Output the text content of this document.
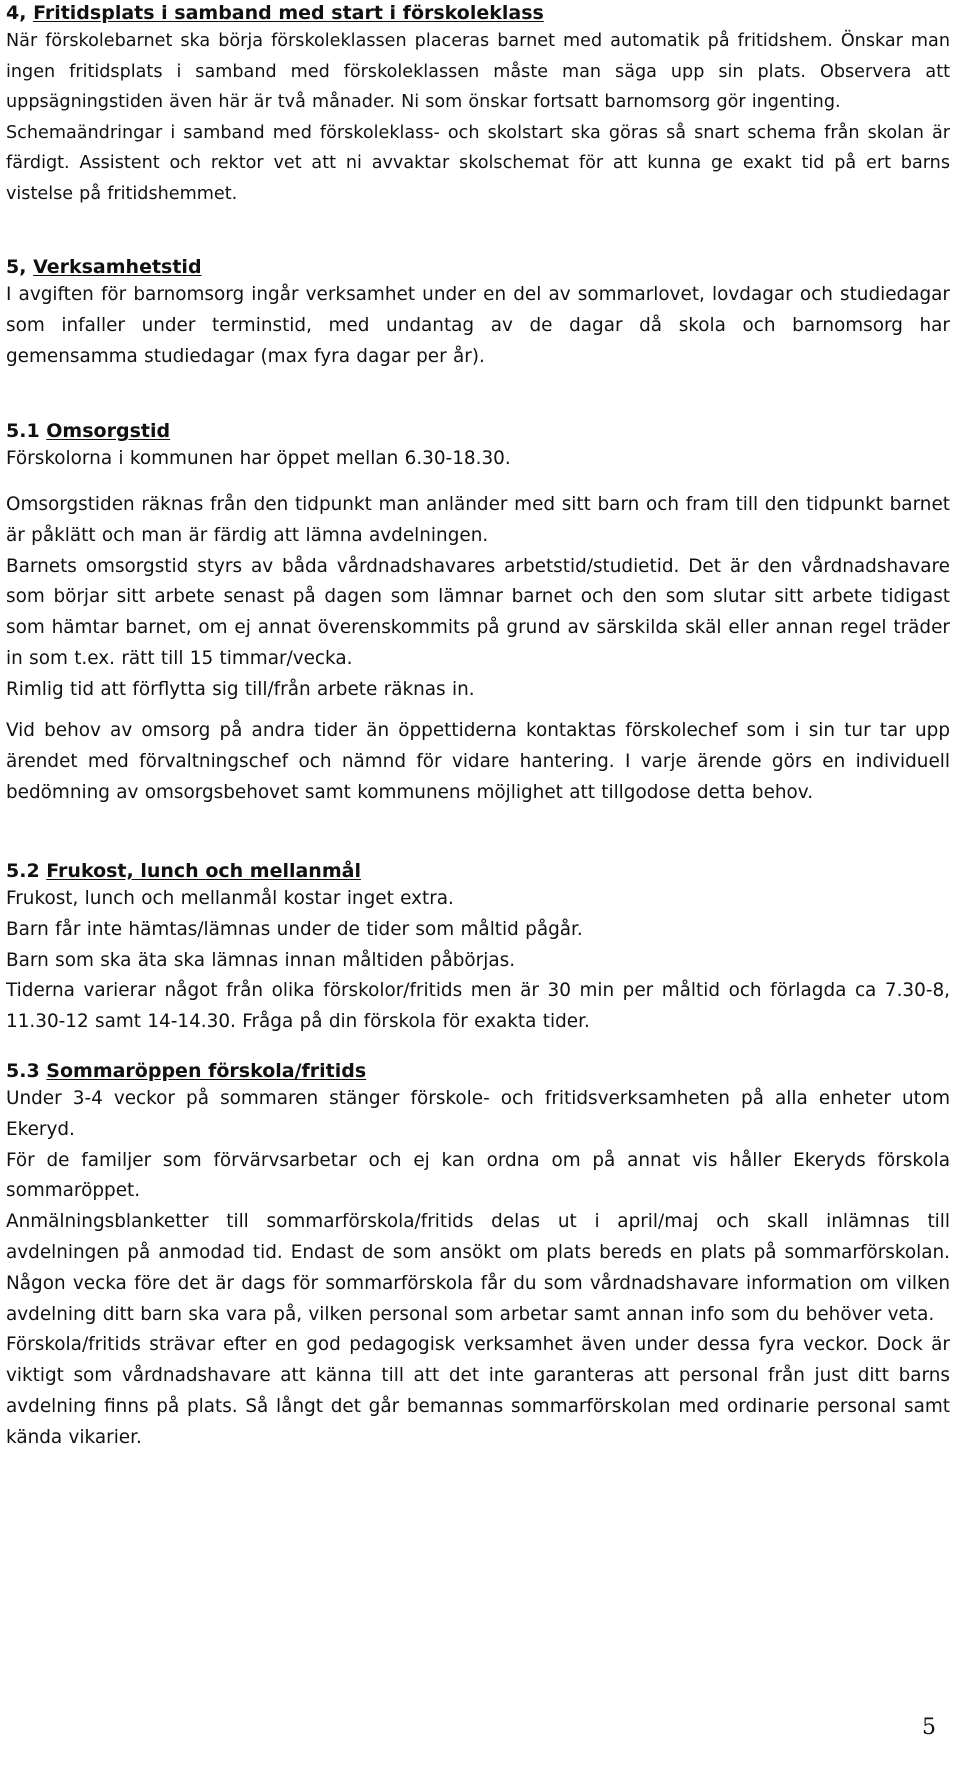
4, Fritidsplats i samband med start i förskoleklass

När förskolebarnet ska börja förskoleklassen placeras barnet med automatik på fritidshem. Önskar man ingen fritidsplats i samband med förskoleklassen måste man säga upp sin plats. Observera att uppsägningstiden även här är två månader. Ni som önskar fortsatt barnomsorg gör ingenting.

Schemaändringar i samband med förskoleklass- och skolstart ska göras så snart schema från skolan är färdigt. Assistent och rektor vet att ni avvaktar skolschemat för att kunna ge exakt tid på ert barns vistelse på fritidshemmet.

5, Verksamhetstid

I avgiften för barnomsorg ingår verksamhet under en del av sommarlovet, lovdagar och studiedagar som infaller under terminstid, med undantag av de dagar då skola och barnomsorg har gemensamma studiedagar (max fyra dagar per år).

5.1 Omsorgstid

Förskolorna i kommunen har öppet mellan 6.30-18.30.

Omsorgstiden räknas från den tidpunkt man anländer med sitt barn och fram till den tidpunkt barnet är påklätt och man är färdig att lämna avdelningen.

Barnets omsorgstid styrs av båda vårdnadshavares arbetstid/studietid. Det är den vårdnadshavare som börjar sitt arbete senast på dagen som lämnar barnet och den som slutar sitt arbete tidigast som hämtar barnet, om ej annat överenskommits på grund av särskilda skäl eller annan regel träder in som t.ex. rätt till 15 timmar/vecka.

Rimlig tid att förflytta sig till/från arbete räknas in.

Vid behov av omsorg på andra tider än öppettiderna kontaktas förskolechef som i sin tur tar upp ärendet med förvaltningschef och nämnd för vidare hantering. I varje ärende görs en individuell bedömning av omsorgsbehovet samt kommunens möjlighet att tillgodose detta behov.

5.2 Frukost, lunch och mellanmål

Frukost, lunch och mellanmål kostar inget extra.

Barn får inte hämtas/lämnas under de tider som måltid pågår.

Barn som ska äta ska lämnas innan måltiden påbörjas.

Tiderna varierar något från olika förskolor/fritids men är 30 min per måltid och förlagda ca 7.30-8, 11.30-12 samt 14-14.30. Fråga på din förskola för exakta tider.

5.3 Sommaröppen förskola/fritids

Under 3-4 veckor på sommaren stänger förskole- och fritidsverksamheten på alla enheter utom Ekeryd.

För de familjer som förvärvsarbetar och ej kan ordna om på annat vis håller Ekeryds förskola sommaröppet.

Anmälningsblanketter till sommarförskola/fritids delas ut i april/maj och skall inlämnas till avdelningen på anmodad tid. Endast de som ansökt om plats bereds en plats på sommarförskolan. Någon vecka före det är dags för sommarförskola får du som vårdnadshavare information om vilken avdelning ditt barn ska vara på, vilken personal som arbetar samt annan info som du behöver veta.

Förskola/fritids strävar efter en god pedagogisk verksamhet även under dessa fyra veckor. Dock är viktigt som vårdnadshavare att känna till att det inte garanteras att personal från just ditt barns avdelning finns på plats. Så långt det går bemannas sommarförskolan med ordinarie personal samt kända vikarier.

5
